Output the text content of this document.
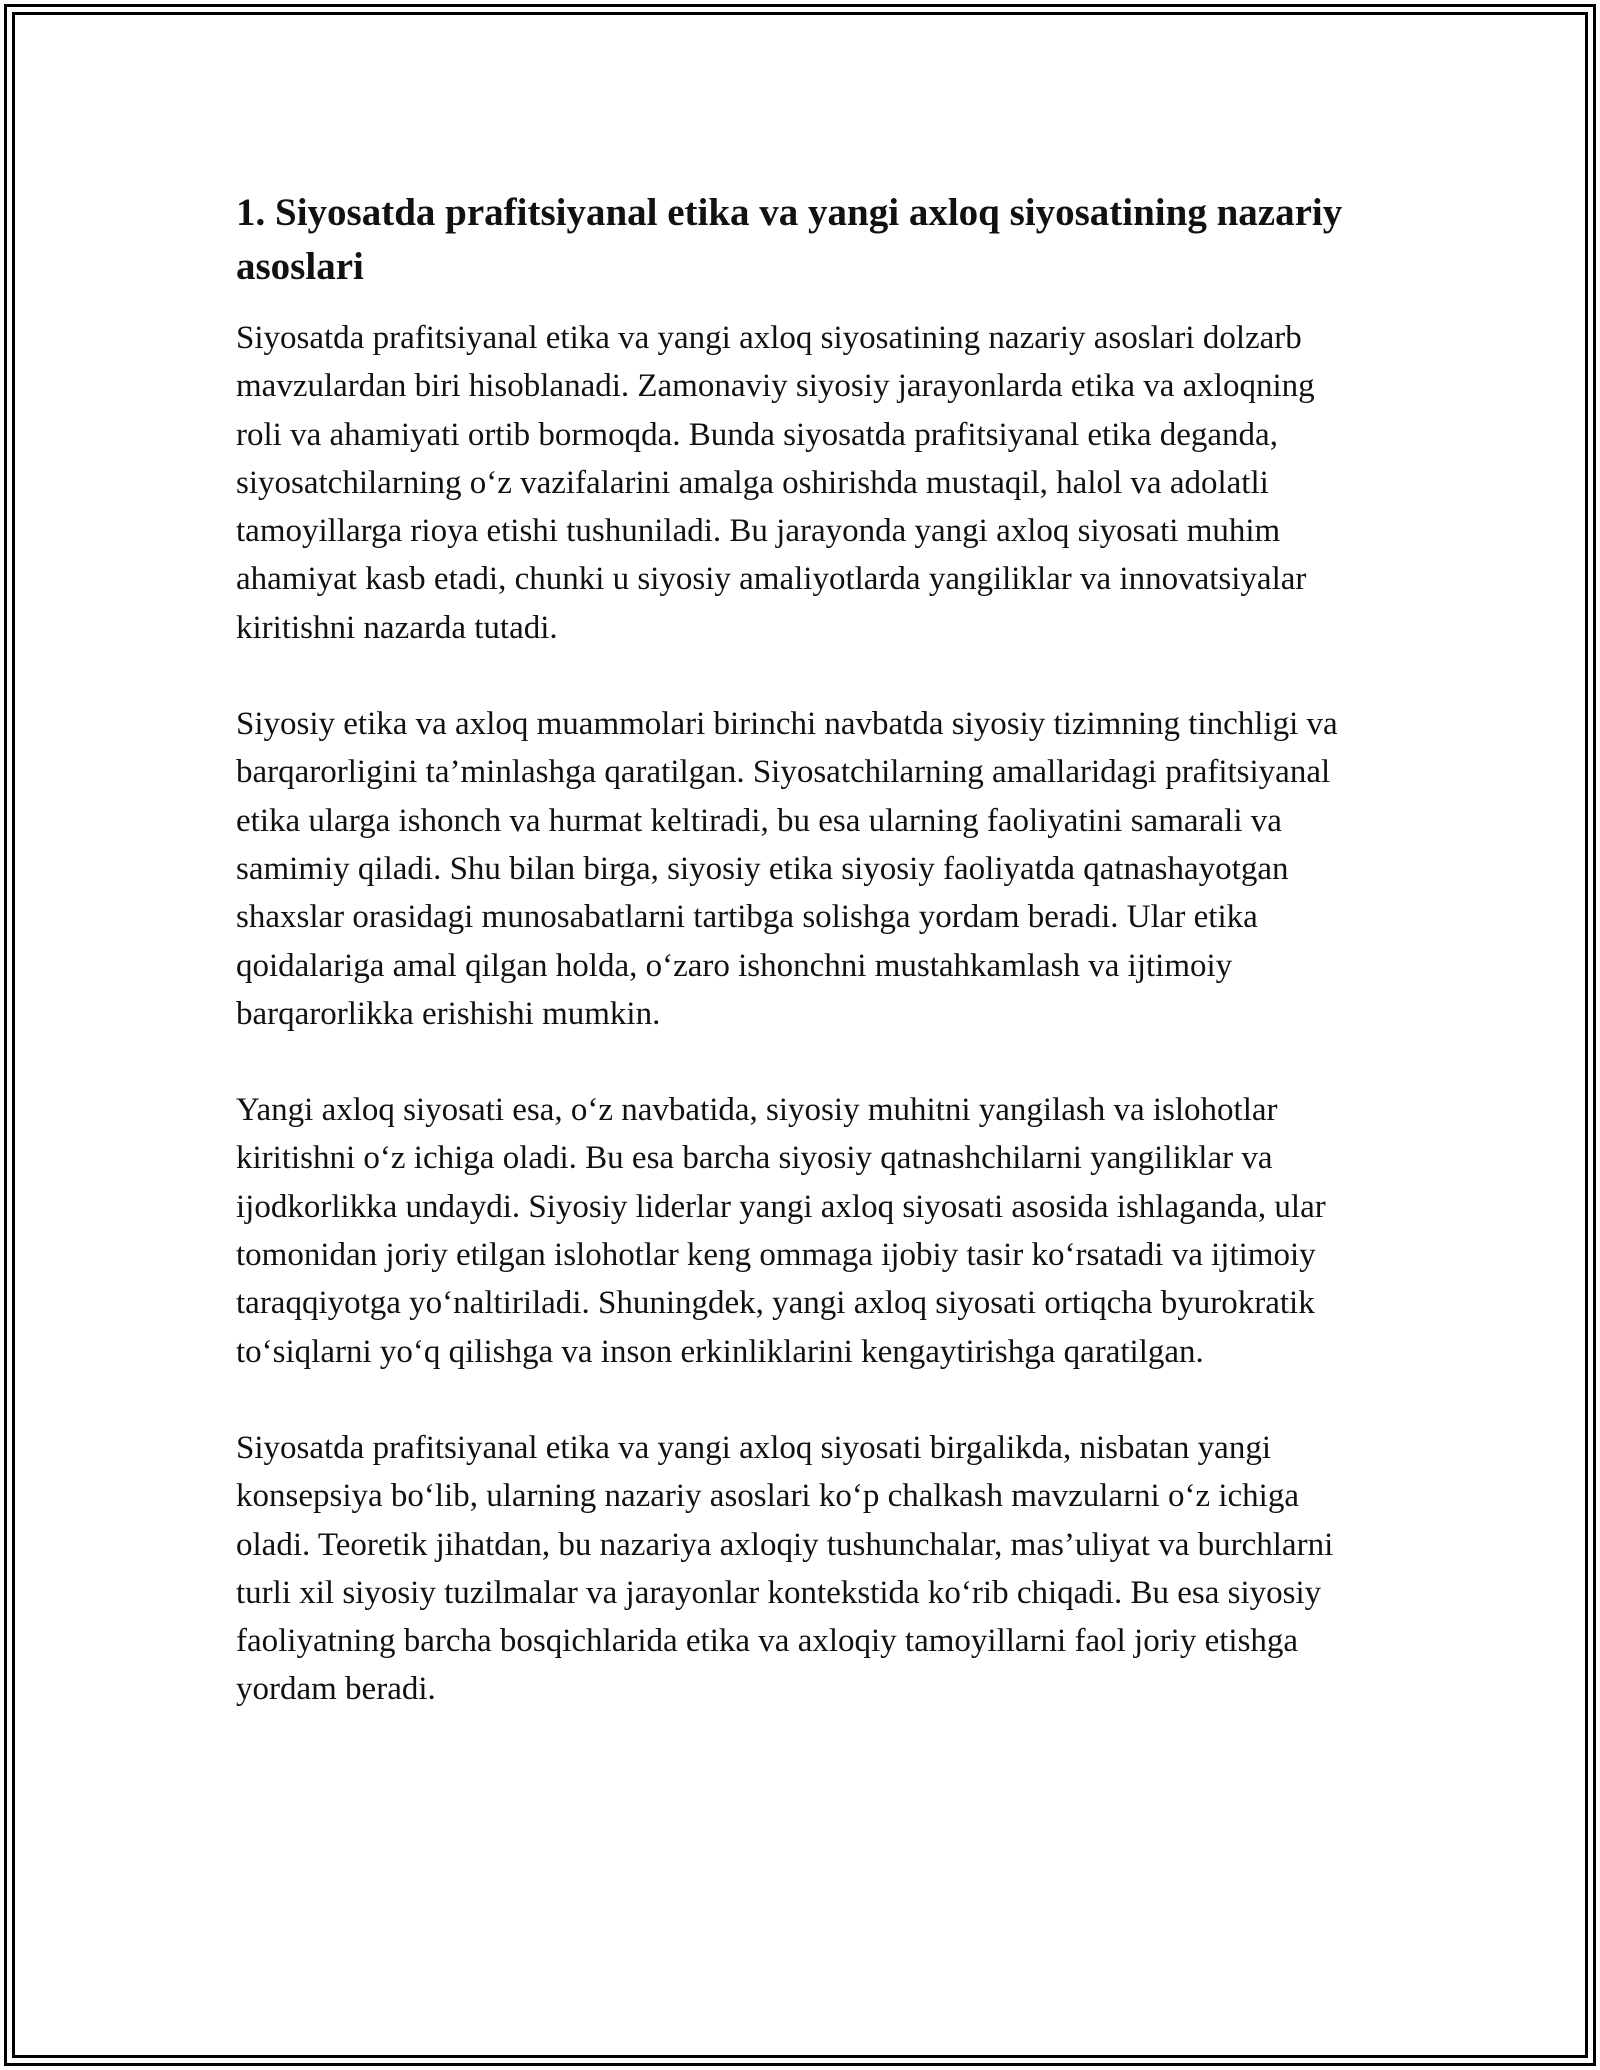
1. Siyosatda prafitsiyanal etika va yangi axloq siyosatining nazariy asoslari

Siyosatda prafitsiyanal etika va yangi axloq siyosatining nazariy asoslari dolzarb mavzulardan biri hisoblanadi. Zamonaviy siyosiy jarayonlarda etika va axloqning roli va ahamiyati ortib bormoqda. Bunda siyosatda prafitsiyanal etika deganda, siyosatchilarning o‘z vazifalarini amalga oshirishda mustaqil, halol va adolatli tamoyillarga rioya etishi tushuniladi. Bu jarayonda yangi axloq siyosati muhim ahamiyat kasb etadi, chunki u siyosiy amaliyotlarda yangiliklar va innovatsiyalar kiritishni nazarda tutadi.

Siyosiy etika va axloq muammolari birinchi navbatda siyosiy tizimning tinchligi va barqarorligini ta’minlashga qaratilgan. Siyosatchilarning amallaridagi prafitsiyanal etika ularga ishonch va hurmat keltiradi, bu esa ularning faoliyatini samarali va samimiy qiladi. Shu bilan birga, siyosiy etika siyosiy faoliyatda qatnashayotgan shaxslar orasidagi munosabatlarni tartibga solishga yordam beradi. Ular etika qoidalariga amal qilgan holda, o‘zaro ishonchni mustahkamlash va ijtimoiy barqarorlikka erishishi mumkin.

Yangi axloq siyosati esa, o‘z navbatida, siyosiy muhitni yangilash va islohotlar kiritishni o‘z ichiga oladi. Bu esa barcha siyosiy qatnashchilarni yangiliklar va ijodkorlikka undaydi. Siyosiy liderlar yangi axloq siyosati asosida ishlaganda, ular tomonidan joriy etilgan islohotlar keng ommaga ijobiy tasir ko‘rsatadi va ijtimoiy taraqqiyotga yo‘naltiriladi. Shuningdek, yangi axloq siyosati ortiqcha byurokratik to‘siqlarni yo‘q qilishga va inson erkinliklarini kengaytirishga qaratilgan.

Siyosatda prafitsiyanal etika va yangi axloq siyosati birgalikda, nisbatan yangi konsepsiya bo‘lib, ularning nazariy asoslari ko‘p chalkash mavzularni o‘z ichiga oladi. Teoretik jihatdan, bu nazariya axloqiy tushunchalar, mas’uliyat va burchlarni turli xil siyosiy tuzilmalar va jarayonlar kontekstida ko‘rib chiqadi. Bu esa siyosiy faoliyatning barcha bosqichlarida etika va axloqiy tamoyillarni faol joriy etishga yordam beradi.
